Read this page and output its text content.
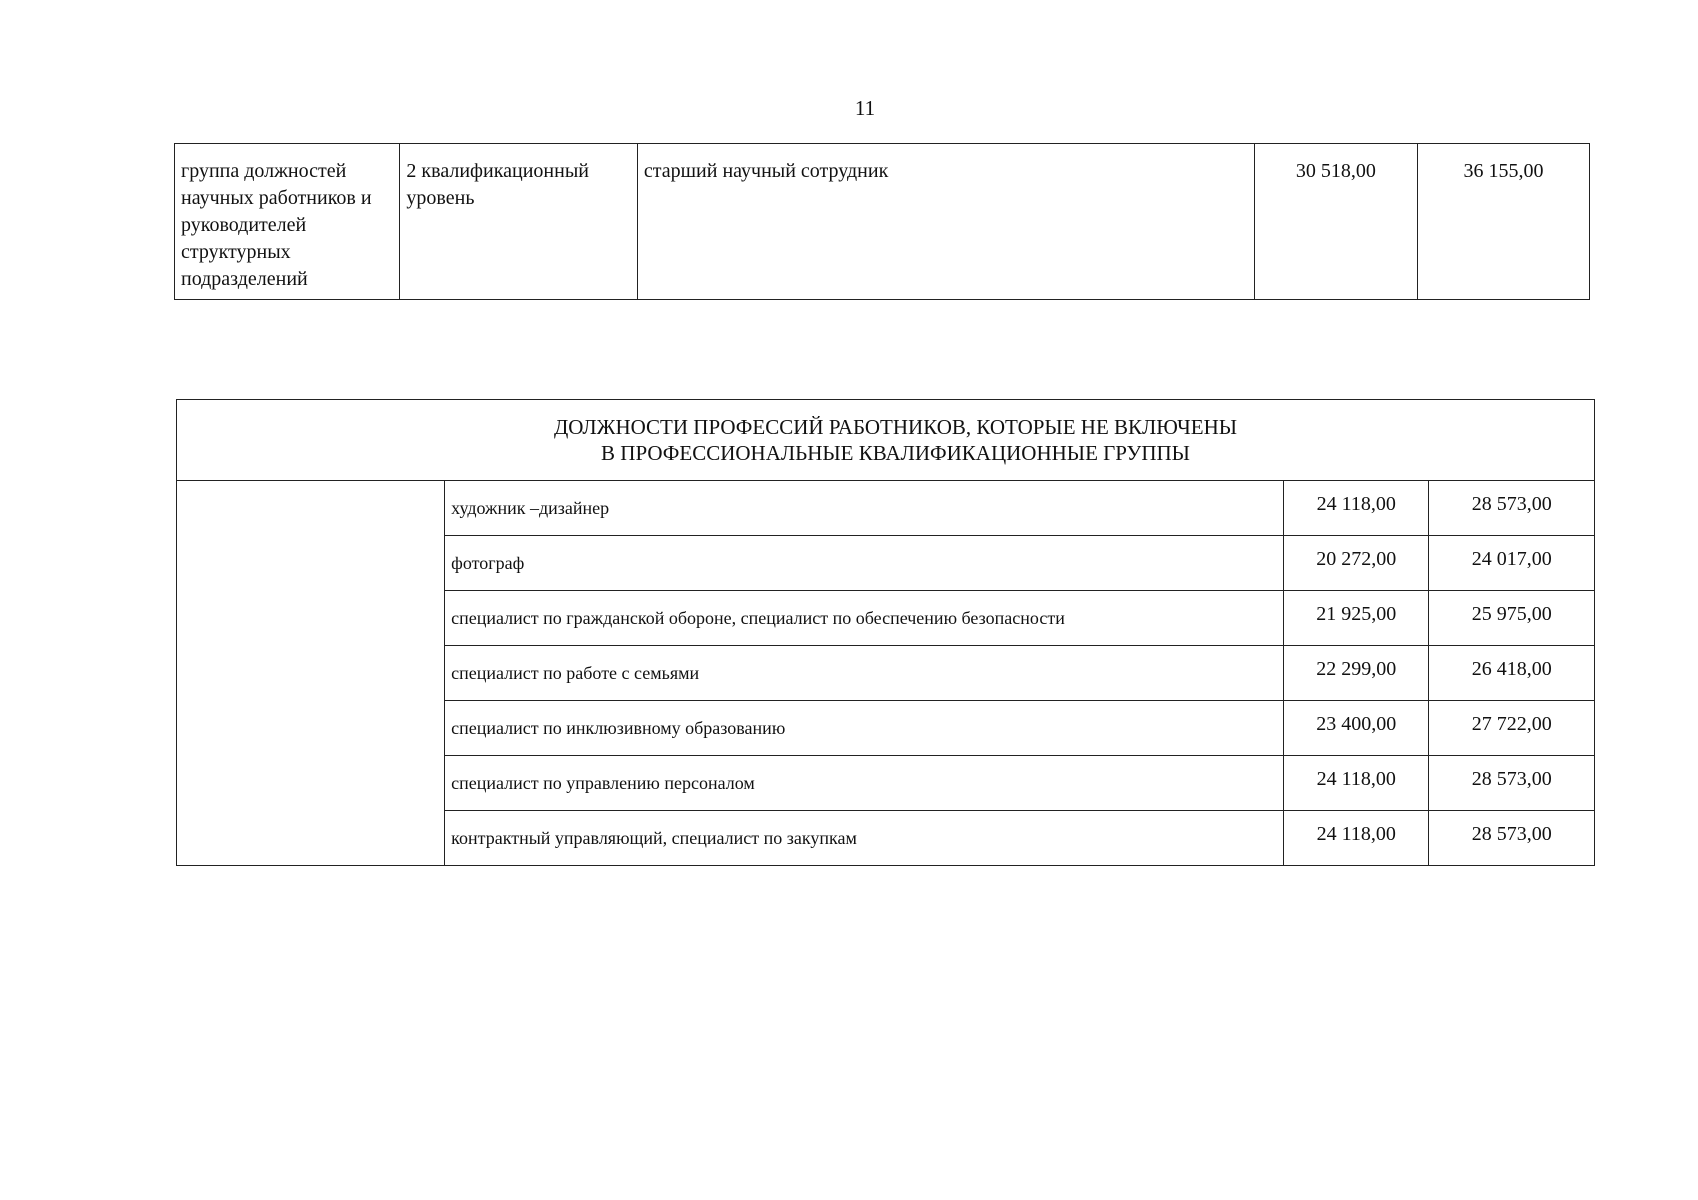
11
группа должностей научных работников и руководителей структурных подразделений	2 квалификационный уровень	старший научный сотрудник	30 518,00	36 155,00
ДОЛЖНОСТИ ПРОФЕССИЙ РАБОТНИКОВ, КОТОРЫЕ НЕ ВКЛЮЧЕНЫ
В ПРОФЕССИОНАЛЬНЫЕ КВАЛИФИКАЦИОННЫЕ ГРУППЫ			

	художник –дизайнер	24 118,00	28 573,00
	фотограф	20 272,00	24 017,00
	специалист по гражданской обороне, специалист по обеспечению безопасности	21 925,00	25 975,00
	специалист по работе с семьями	22 299,00	26 418,00
	специалист по инклюзивному образованию	23 400,00	27 722,00
	специалист по управлению персоналом	24 118,00	28 573,00
	контрактный управляющий, специалист по закупкам	24 118,00	28 573,00
